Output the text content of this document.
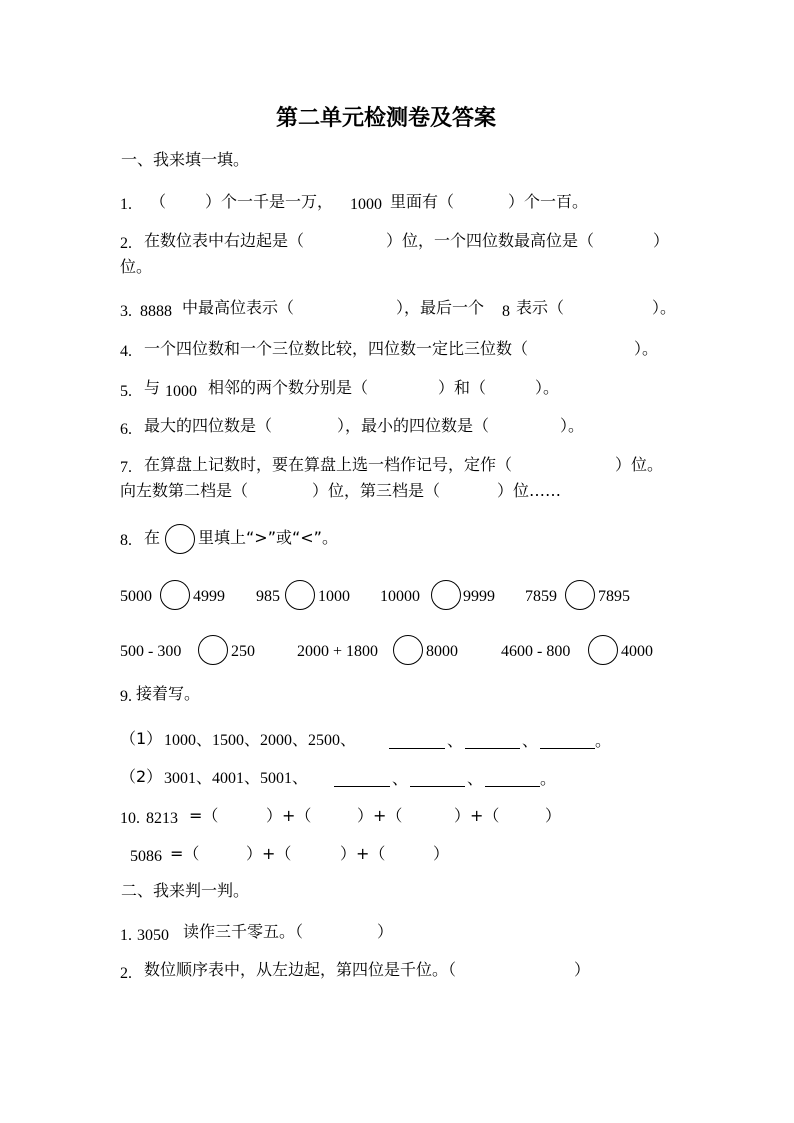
第二单元检测卷及答案
一、我来填一填。
1. （ ）个一千是一万， 1000 里面有（	）个一百。
2. 在数位表中右边起是（	）位，一个四位数最高位是（	）
位。
3. 8888 中最高位表示（	），最后一个 8 表示（	）。
4. 一个四位数和一个三位数比较，四位数一定比三位数（	）。
5. 与 1000 相邻的两个数分别是（	）和（	）。
6. 最大的四位数是（	），最小的四位数是（	）。
7. 在算盘上记数时，要在算盘上选一档作记号，定作（	）位。
向左数第二档是（	）位，第三档是（	）位……
8. 在 里填上“>”或“<”。
5000	4999 985 1000 10000	9999 7859	7895
500 - 300	250	2000 + 1800	8000	4600 - 800	4000
9. 接着写。
（1） 1000、1500、2000、2500、	、	、	。
（2） 3001、4001、5001、	、	、	。
10. 8213 =（	）+（	）+（	）+（	）
5086 =（	）+（	）+（	）
二、我来判一判。
1. 3050 读作三千零五。（	）
2. 数位顺序表中，从左边起，第四位是千位。（	）
